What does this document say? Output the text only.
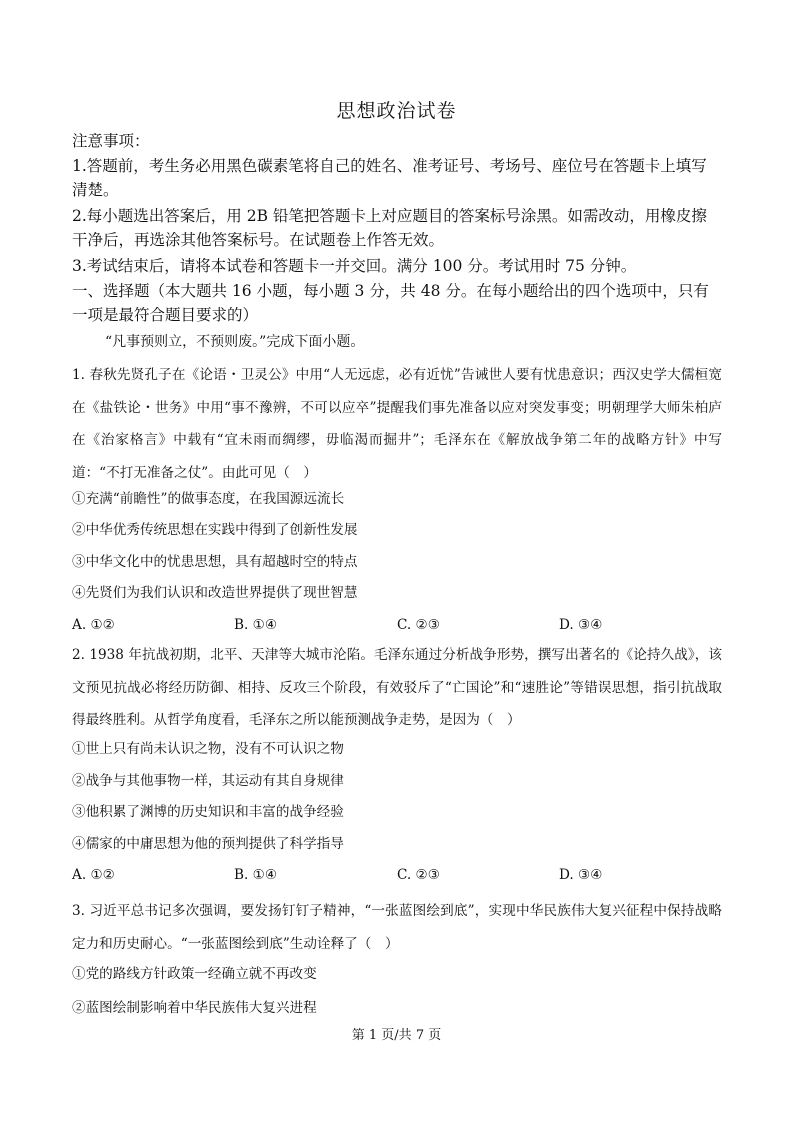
思想政治试卷
注意事项：
1.答题前，考生务必用黑色碳素笔将自己的姓名、准考证号、考场号、座位号在答题卡上填写清楚。
2.每小题选出答案后，用 2B 铅笔把答题卡上对应题目的答案标号涂黑。如需改动，用橡皮擦干净后，再选涂其他答案标号。在试题卷上作答无效。
3.考试结束后，请将本试卷和答题卡一并交回。满分 100 分。考试用时 75 分钟。
一、选择题（本大题共 16 小题，每小题 3 分，共 48 分。在每小题给出的四个选项中，只有一项是最符合题目要求的）
“凡事预则立，不预则废。”完成下面小题。
1. 春秋先贤孔子在《论语・卫灵公》中用“人无远虑，必有近忧”告诫世人要有忧患意识；西汉史学大儒桓宽在《盐铁论・世务》中用“事不豫辨，不可以应卒”提醒我们事先准备以应对突发事变；明朝理学大师朱柏庐在《治家格言》中载有“宜未雨而绸缪，毋临渴而掘井”；毛泽东在《解放战争第二年的战略方针》中写道：“不打无准备之仗”。由此可见（　）
①充满“前瞻性”的做事态度，在我国源远流长
②中华优秀传统思想在实践中得到了创新性发展
③中华文化中的忧患思想，具有超越时空的特点
④先贤们为我们认识和改造世界提供了现世智慧
A. ①②	B. ①④	C. ②③	D. ③④
2. 1938 年抗战初期，北平、天津等大城市沦陷。毛泽东通过分析战争形势，撰写出著名的《论持久战》，该文预见抗战必将经历防御、相持、反攻三个阶段，有效驳斥了“亡国论”和“速胜论”等错误思想，指引抗战取得最终胜利。从哲学角度看，毛泽东之所以能预测战争走势，是因为（　）
①世上只有尚未认识之物，没有不可认识之物
②战争与其他事物一样，其运动有其自身规律
③他积累了渊博的历史知识和丰富的战争经验
④儒家的中庸思想为他的预判提供了科学指导
A. ①②	B. ①④	C. ②③	D. ③④
3. 习近平总书记多次强调，要发扬钉钉子精神，“一张蓝图绘到底”，实现中华民族伟大复兴征程中保持战略定力和历史耐心。“一张蓝图绘到底”生动诠释了（　）
①党的路线方针政策一经确立就不再改变
②蓝图绘制影响着中华民族伟大复兴进程
第 1 页/共 7 页
